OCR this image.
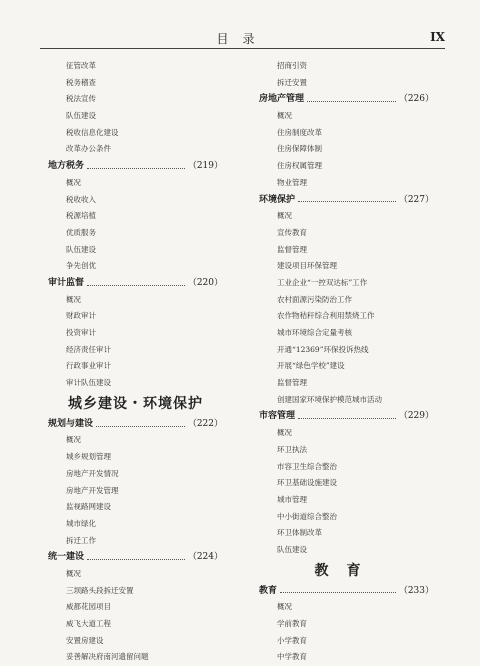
目录	IX
征管改革
税务稽查
税法宣传
队伍建设
税收信息化建设
改革办公条件
地方税务	（219）
概况
税收收入
税源培植
优质服务
队伍建设
争先创优
审计监督	（220）
概况
财政审计
投资审计
经济责任审计
行政事业审计
审计队伍建设
城乡建设・环境保护
规划与建设	（222）
概况
城乡规划管理
房地产开发情况
房地产开发管理
监视路网建设
城市绿化
拆迁工作
统一建设	（224）
概况
三坝路头段拆迁安置
威都花园项目
威飞大道工程
安置房建设
妥善解决府南河遗留问题
招商引资
拆迁安置
房地产管理	（226）
概况
住房制度改革
住房保障体制
住房权属管理
物业管理
环境保护	（227）
概况
宣传教育
监督管理
建设项目环保管理
工业企业“一控双达标”工作
农村面源污染防治工作
农作物秸秆综合利用禁烧工作
城市环境综合定量考核
开通“12369”环保投诉热线
开展“绿色学校”建设
监督管理
创建国家环境保护模范城市活动
市容管理	（229）
概况
环卫执法
市容卫生综合整治
环卫基础设施建设
城市管理
中小街道综合整治
环卫体制改革
队伍建设
教育
教育	（233）
概况
学前教育
小学教育
中学教育
